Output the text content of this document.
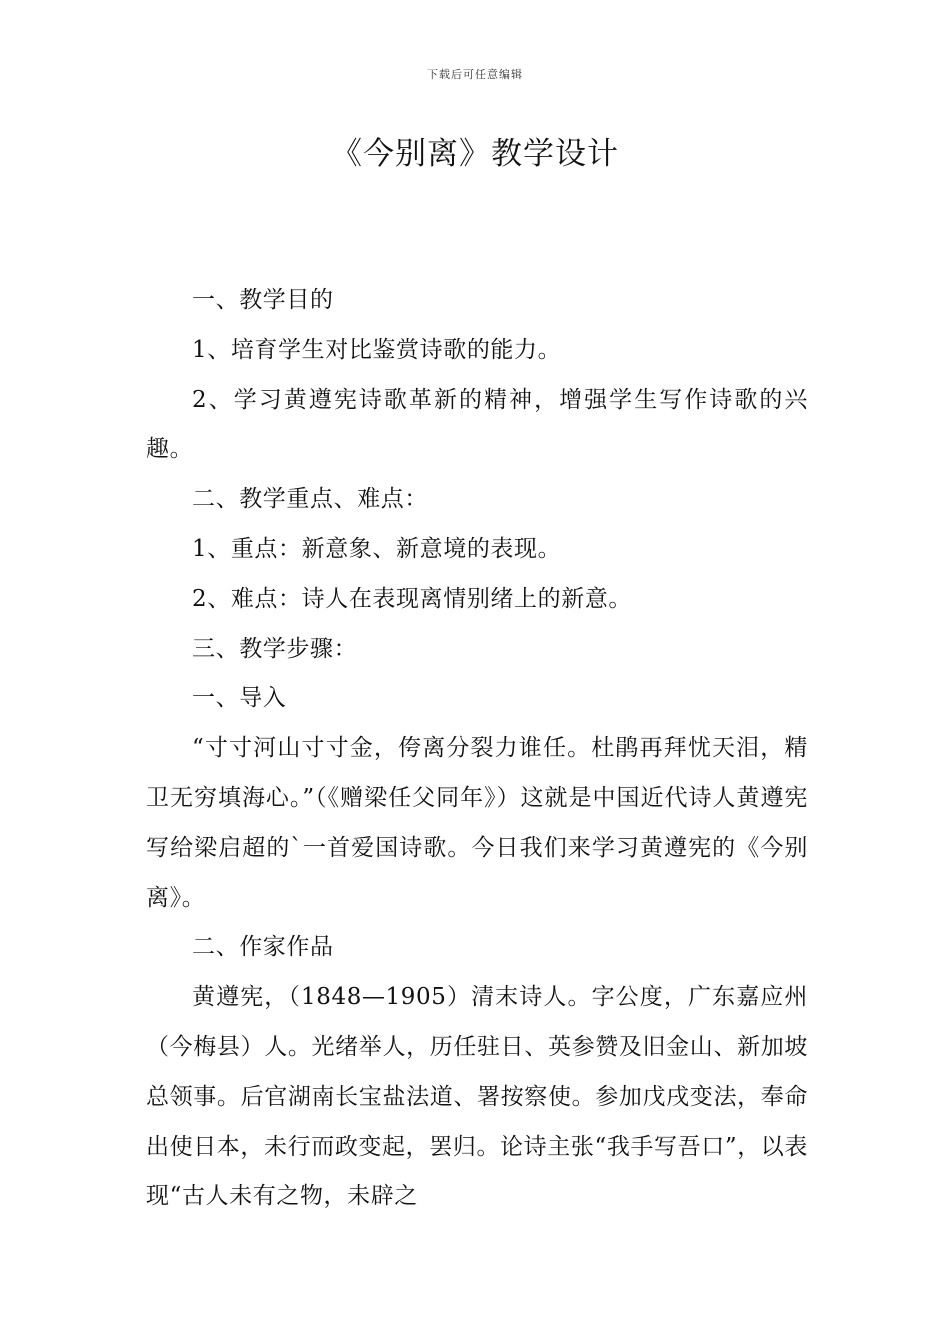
下载后可任意编辑
《今别离》教学设计

一、教学目的

1、培育学生对比鉴赏诗歌的能力。

2、学习黄遵宪诗歌革新的精神，增强学生写作诗歌的兴趣。

二、教学重点、难点：

1、重点：新意象、新意境的表现。

2、难点：诗人在表现离情别绪上的新意。

三、教学步骤：

一、导入

“寸寸河山寸寸金，侉离分裂力谁任。杜鹃再拜忧天泪，精卫无穷填海心。”（《赠梁任父同年》）这就是中国近代诗人黄遵宪写给梁启超的`一首爱国诗歌。今日我们来学习黄遵宪的《今别离》。

二、作家作品

黄遵宪，（1848—1905）清末诗人。字公度，广东嘉应州（今梅县）人。光绪举人，历任驻日、英参赞及旧金山、新加坡总领事。后官湖南长宝盐法道、署按察使。参加戊戌变法，奉命出使日本，未行而政变起，罢归。论诗主张“我手写吾口”，以表现“古人未有之物，未辟之
